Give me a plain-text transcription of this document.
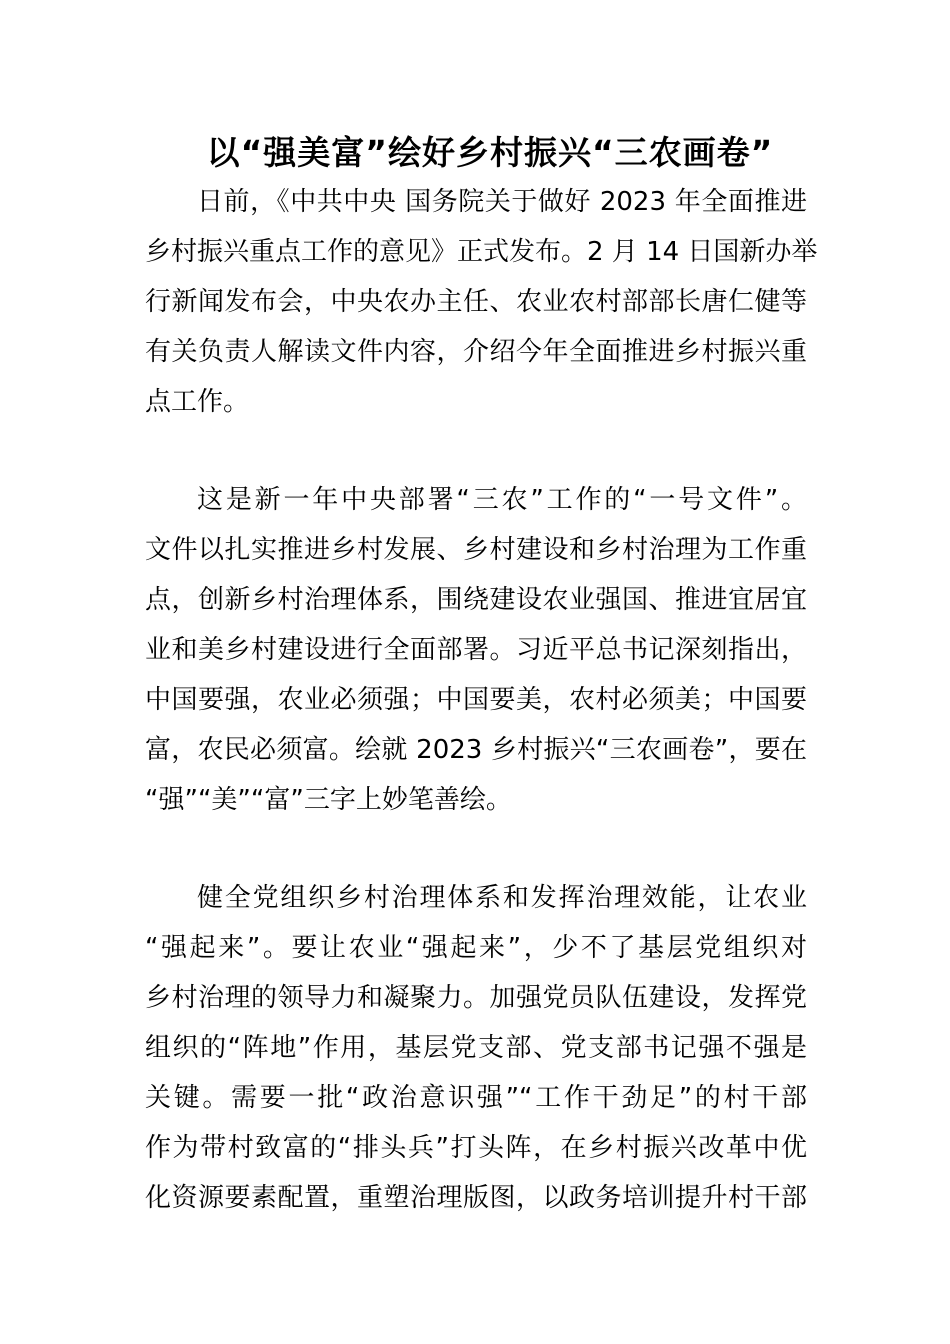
以“强美富”绘好乡村振兴“三农画卷”
日前，《中共中央 国务院关于做好 2023 年全面推进
乡村振兴重点工作的意见》正式发布。2 月 14 日国新办举
行新闻发布会，中央农办主任、农业农村部部长唐仁健等
有关负责人解读文件内容，介绍今年全面推进乡村振兴重
点工作。
这是新一年中央部署“三农”工作的“一号文件”。
文件以扎实推进乡村发展、乡村建设和乡村治理为工作重
点，创新乡村治理体系，围绕建设农业强国、推进宜居宜
业和美乡村建设进行全面部署。习近平总书记深刻指出，
中国要强，农业必须强；中国要美，农村必须美；中国要
富，农民必须富。绘就 2023 乡村振兴“三农画卷”，要在
“强”“美”“富”三字上妙笔善绘。
健全党组织乡村治理体系和发挥治理效能，让农业
“强起来”。要让农业“强起来”，少不了基层党组织对
乡村治理的领导力和凝聚力。加强党员队伍建设，发挥党
组织的“阵地”作用，基层党支部、党支部书记强不强是
关键。需要一批“政治意识强”“工作干劲足”的村干部
作为带村致富的“排头兵”打头阵，在乡村振兴改革中优
化资源要素配置，重塑治理版图，以政务培训提升村干部
